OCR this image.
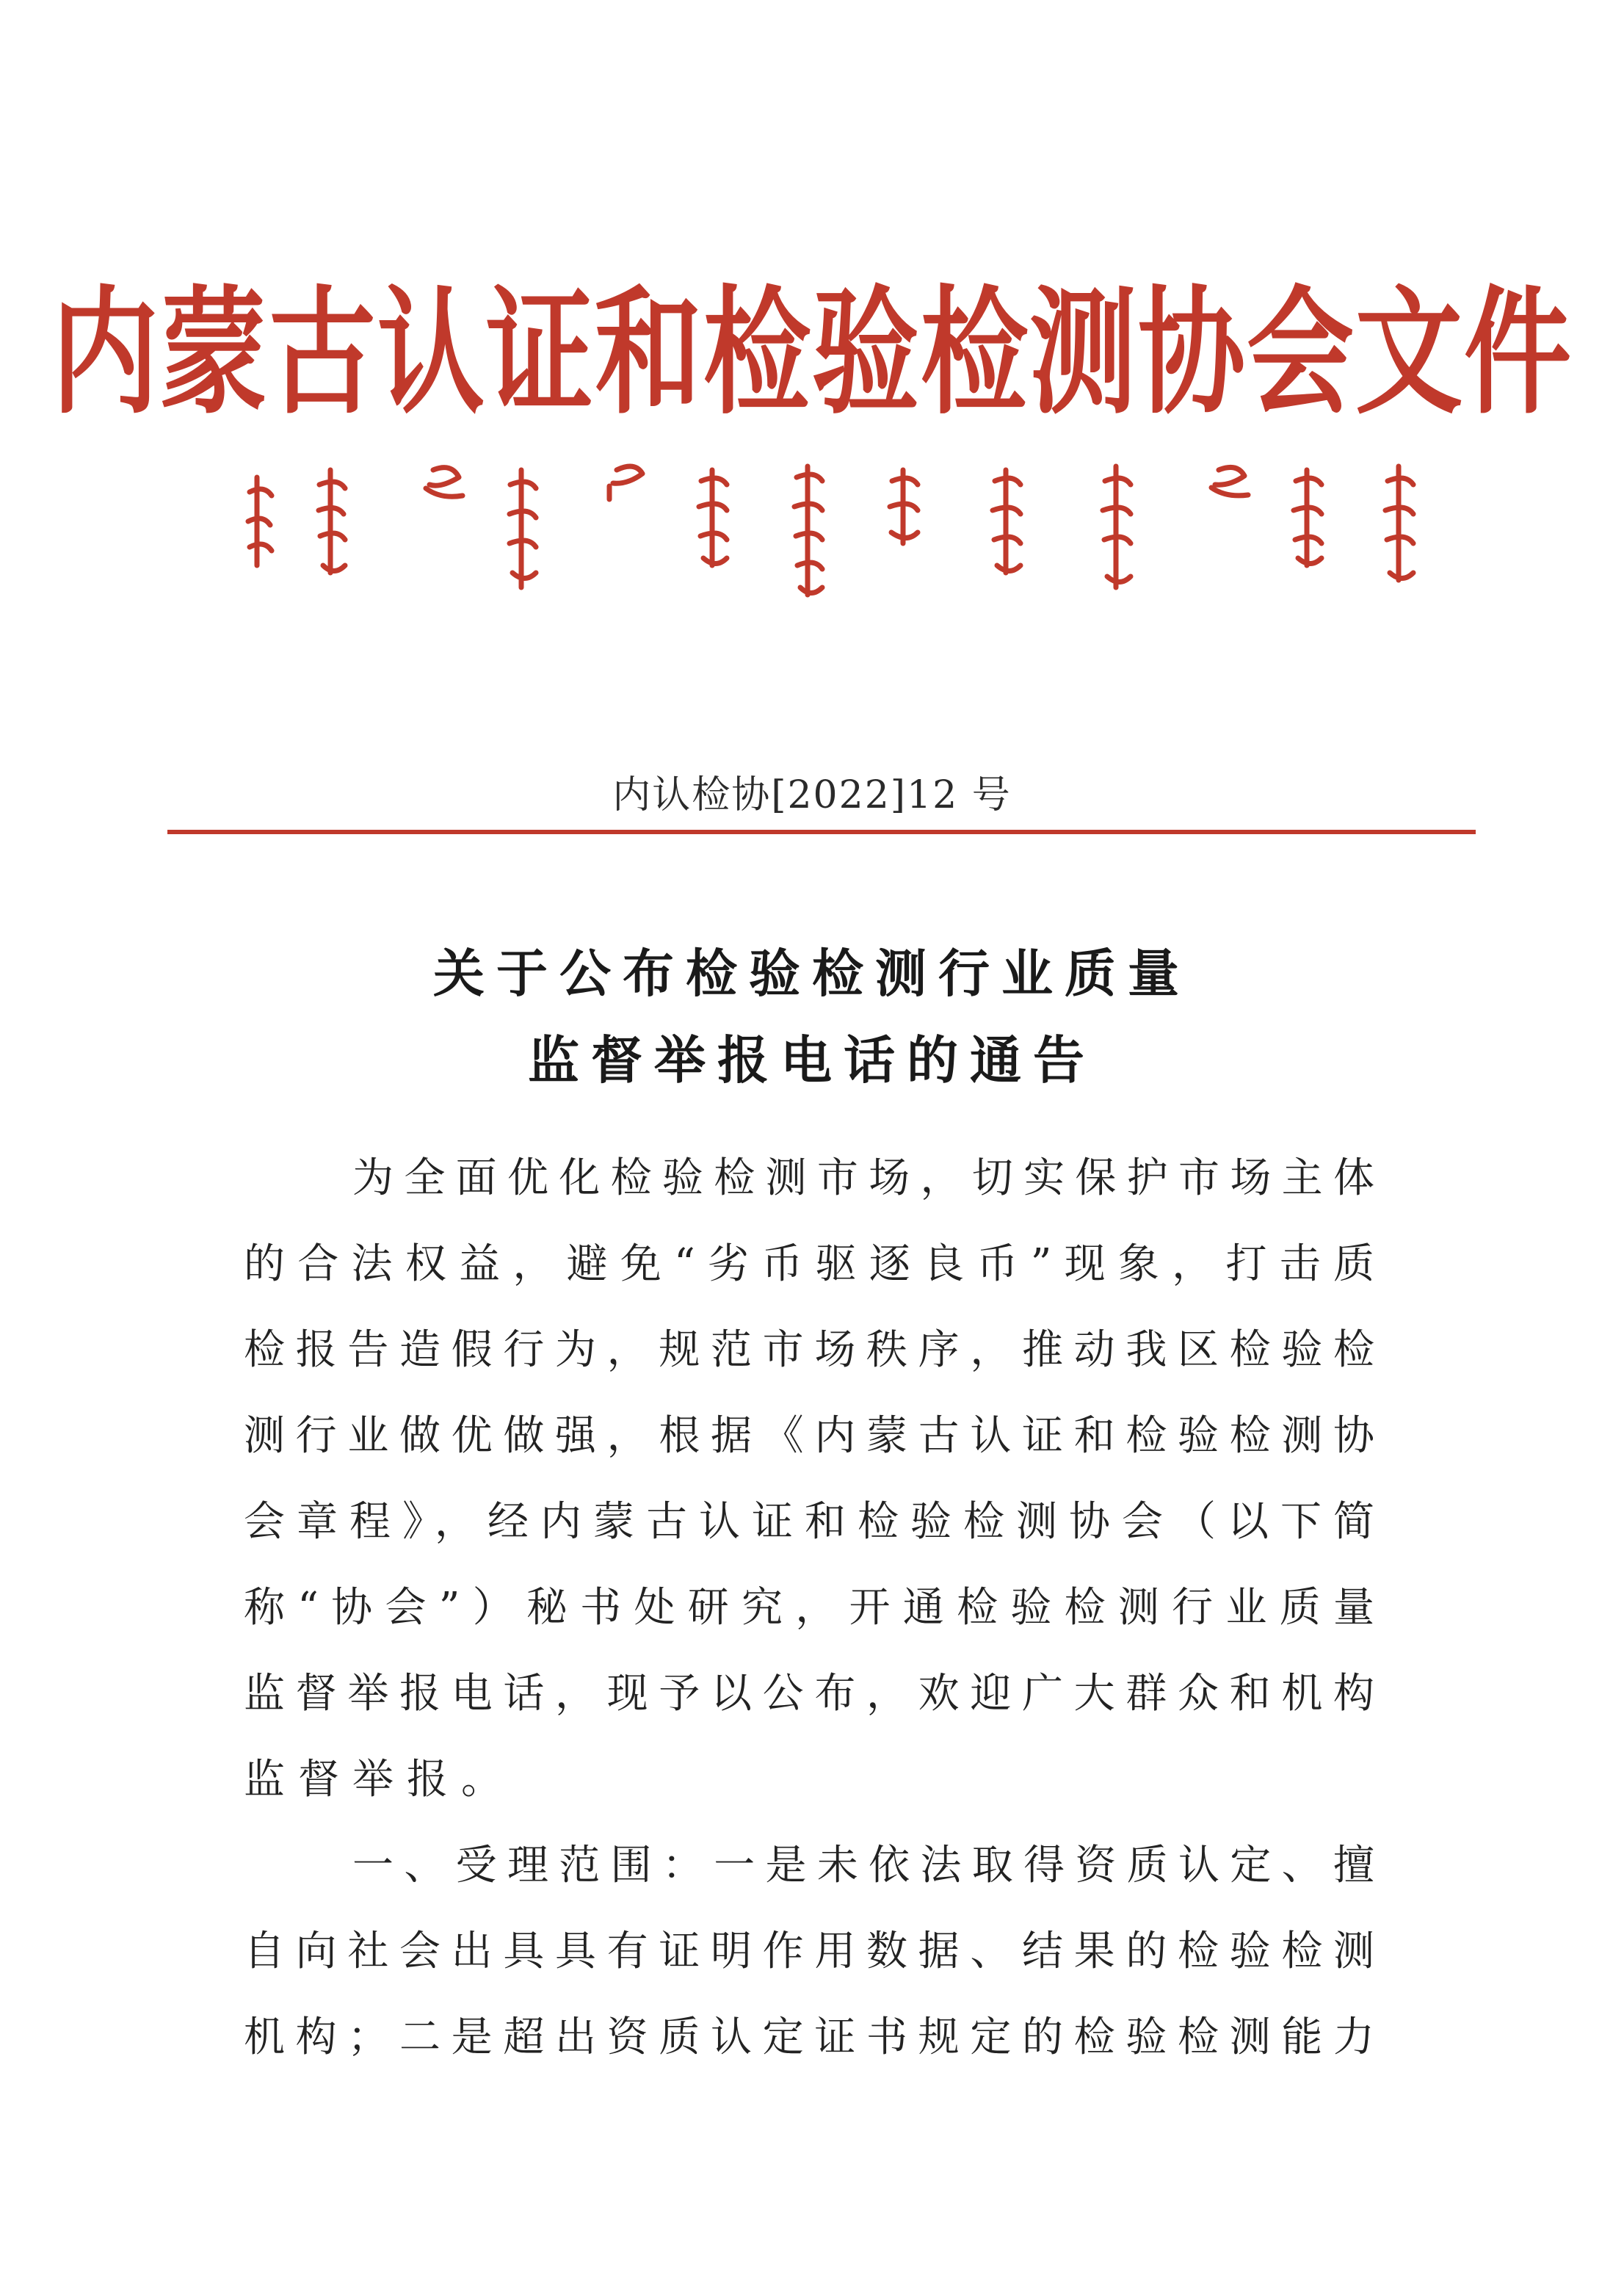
内蒙古认证和检验检测协会文件
内认检协[2022]12 号
关于公布检验检测行业质量
监督举报电话的通告
为全面优化检验检测市场，切实保护市场主体
的合法权益，避免“劣币驱逐良币”现象，打击质
检报告造假行为，规范市场秩序，推动我区检验检
测行业做优做强，根据《内蒙古认证和检验检测协
会章程》，经内蒙古认证和检验检测协会（以下简
称“协会”）秘书处研究，开通检验检测行业质量
监督举报电话，现予以公布，欢迎广大群众和机构
监督举报。
一、受理范围：一是未依法取得资质认定、擅
自向社会出具具有证明作用数据、结果的检验检测
机构；二是超出资质认定证书规定的检验检测能力
